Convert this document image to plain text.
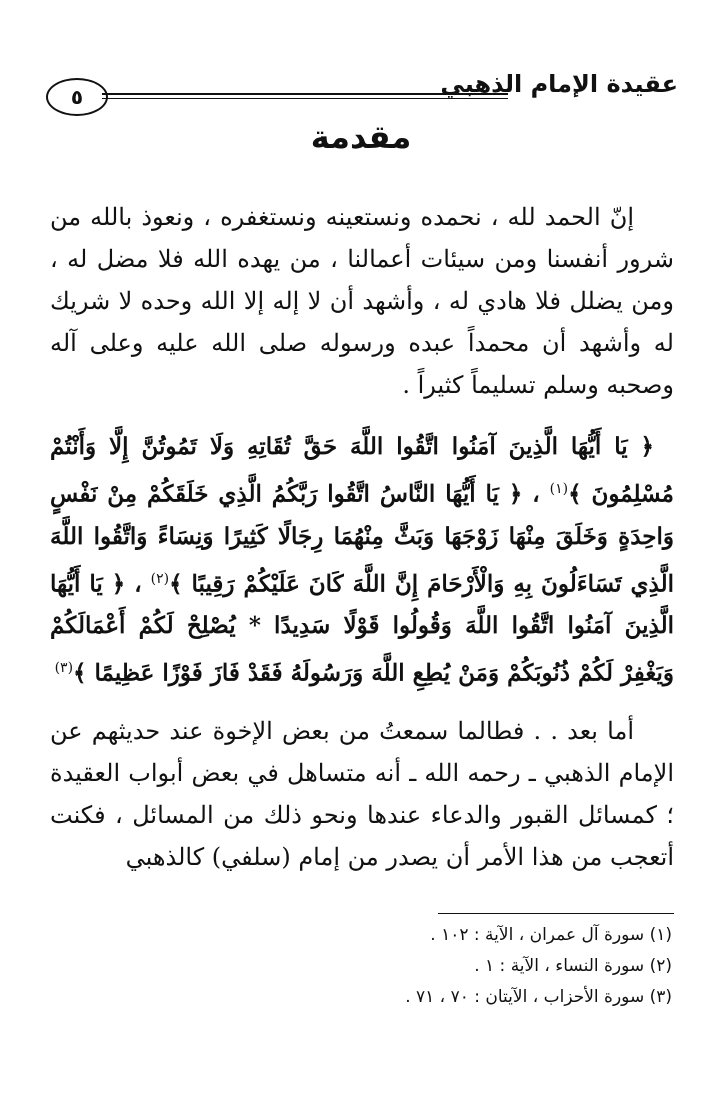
عقيدة الإمام الذهبي
٥
مقدمة

إنّ الحمد لله ، نحمده ونستعينه ونستغفره ، ونعوذ بالله من شرور أنفسنا ومن سيئات أعمالنا ، من يهده الله فلا مضل له ، ومن يضلل فلا هادي له ، وأشهد أن لا إله إلا الله وحده لا شريك له وأشهد أن محمداً عبده ورسوله صلى الله عليه وعلى آله وصحبه وسلم تسليماً كثيراً .

﴿ يَا أَيُّهَا الَّذِينَ آمَنُوا اتَّقُوا اللَّهَ حَقَّ تُقَاتِهِ وَلَا تَمُوتُنَّ إِلَّا وَأَنْتُمْ مُسْلِمُونَ ﴾$^{(١)}$ ، ﴿ يَا أَيُّهَا النَّاسُ اتَّقُوا رَبَّكُمُ الَّذِي خَلَقَكُمْ مِنْ نَفْسٍ وَاحِدَةٍ وَخَلَقَ مِنْهَا زَوْجَهَا وَبَثَّ مِنْهُمَا رِجَالًا كَثِيرًا وَنِسَاءً وَاتَّقُوا اللَّهَ الَّذِي تَسَاءَلُونَ بِهِ وَالْأَرْحَامَ إِنَّ اللَّهَ كَانَ عَلَيْكُمْ رَقِيبًا ﴾$^{(٢)}$ ، ﴿ يَا أَيُّهَا الَّذِينَ آمَنُوا اتَّقُوا اللَّهَ وَقُولُوا قَوْلًا سَدِيدًا * يُصْلِحْ لَكُمْ أَعْمَالَكُمْ وَيَغْفِرْ لَكُمْ ذُنُوبَكُمْ وَمَنْ يُطِعِ اللَّهَ وَرَسُولَهُ فَقَدْ فَازَ فَوْزًا عَظِيمًا ﴾$^{(٣)}$

أما بعد . . فطالما سمعتُ من بعض الإخوة عند حديثهم عن الإمام الذهبي ـ رحمه الله ـ أنه متساهل في بعض أبواب العقيدة ؛ كمسائل القبور والدعاء عندها ونحو ذلك من المسائل ، فكنت أتعجب من هذا الأمر أن يصدر من إمام (سلفي) كالذهبي

(١) سورة آل عمران ، الآية : ١٠٢ .
(٢) سورة النساء ، الآية : ١ .
(٣) سورة الأحزاب ، الآيتان : ٧٠ ، ٧١ .
